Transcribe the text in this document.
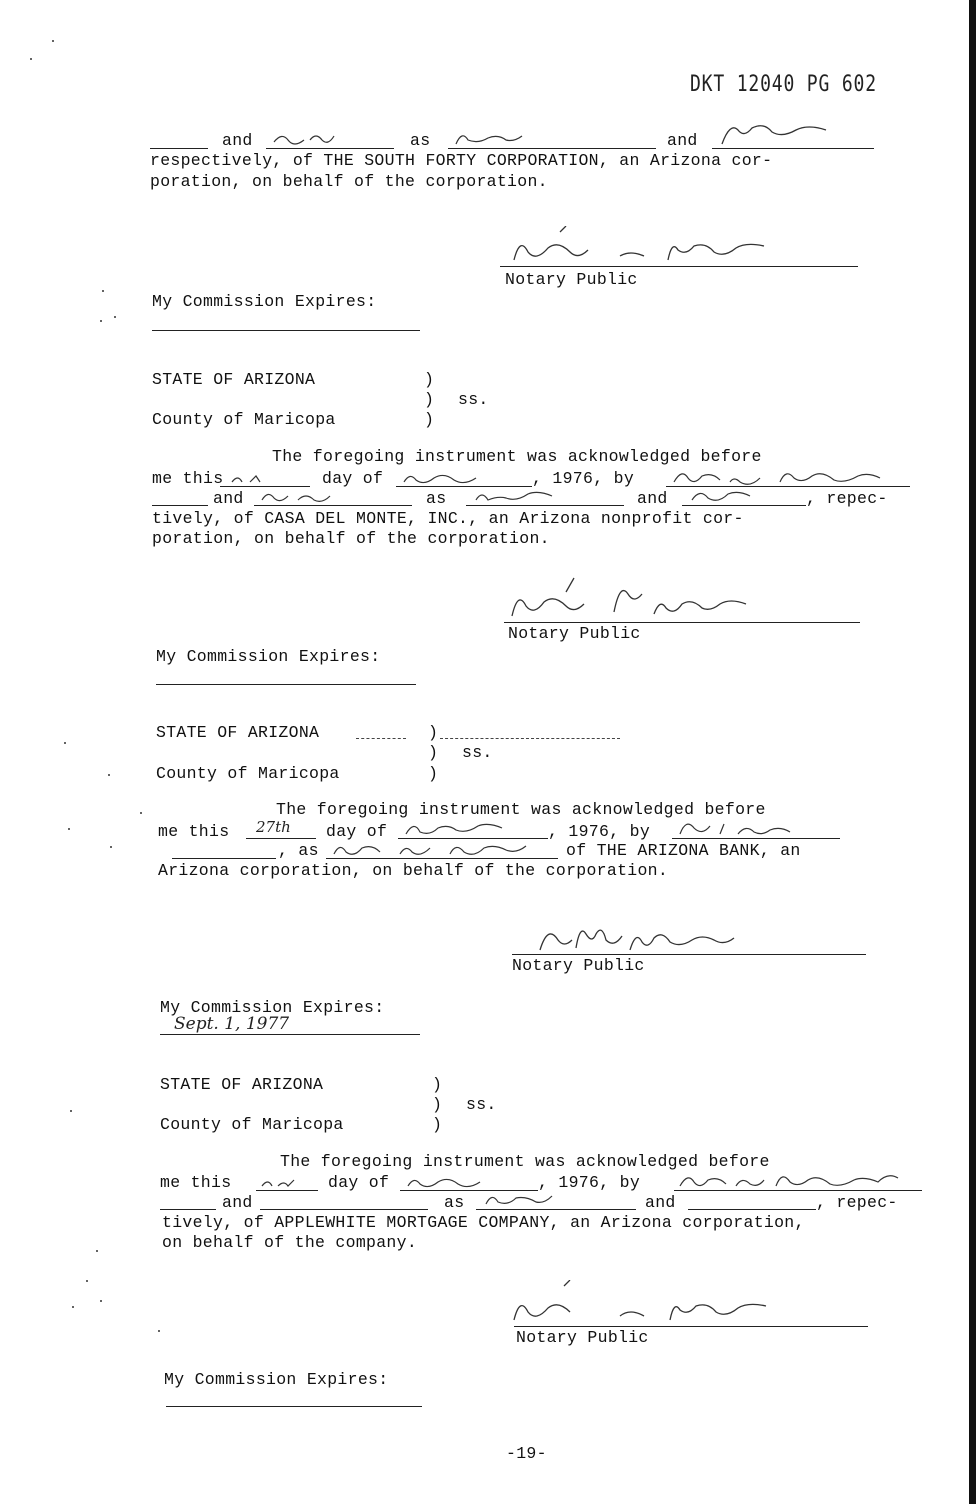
DKT 12040 PG 602
and	as	and
respectively, of THE SOUTH FORTY CORPORATION, an Arizona cor-
poration, on behalf of the corporation.
Notary Public
My Commission Expires:
STATE OF ARIZONA	)
) ss.
County of Maricopa	)
The foregoing instrument was acknowledged before
me this	day of	, 1976, by
and	as	and	, repec-
tively, of CASA DEL MONTE, INC., an Arizona nonprofit cor-
poration, on behalf of the corporation.
Notary Public
My Commission Expires:
STATE OF ARIZONA	)
) ss.
County of Maricopa	)
The foregoing instrument was acknowledged before
me this 27th day of	, 1976, by
, as	of THE ARIZONA BANK, an
Arizona corporation, on behalf of the corporation.
Notary Public
My Commission Expires:
Sept. 1, 1977
STATE OF ARIZONA	)
) ss.
County of Maricopa	)
The foregoing instrument was acknowledged before
me this	day of	, 1976, by
and	as	and	, repec-
tively, of APPLEWHITE MORTGAGE COMPANY, an Arizona corporation,
on behalf of the company.
Notary Public
My Commission Expires:
-19-
